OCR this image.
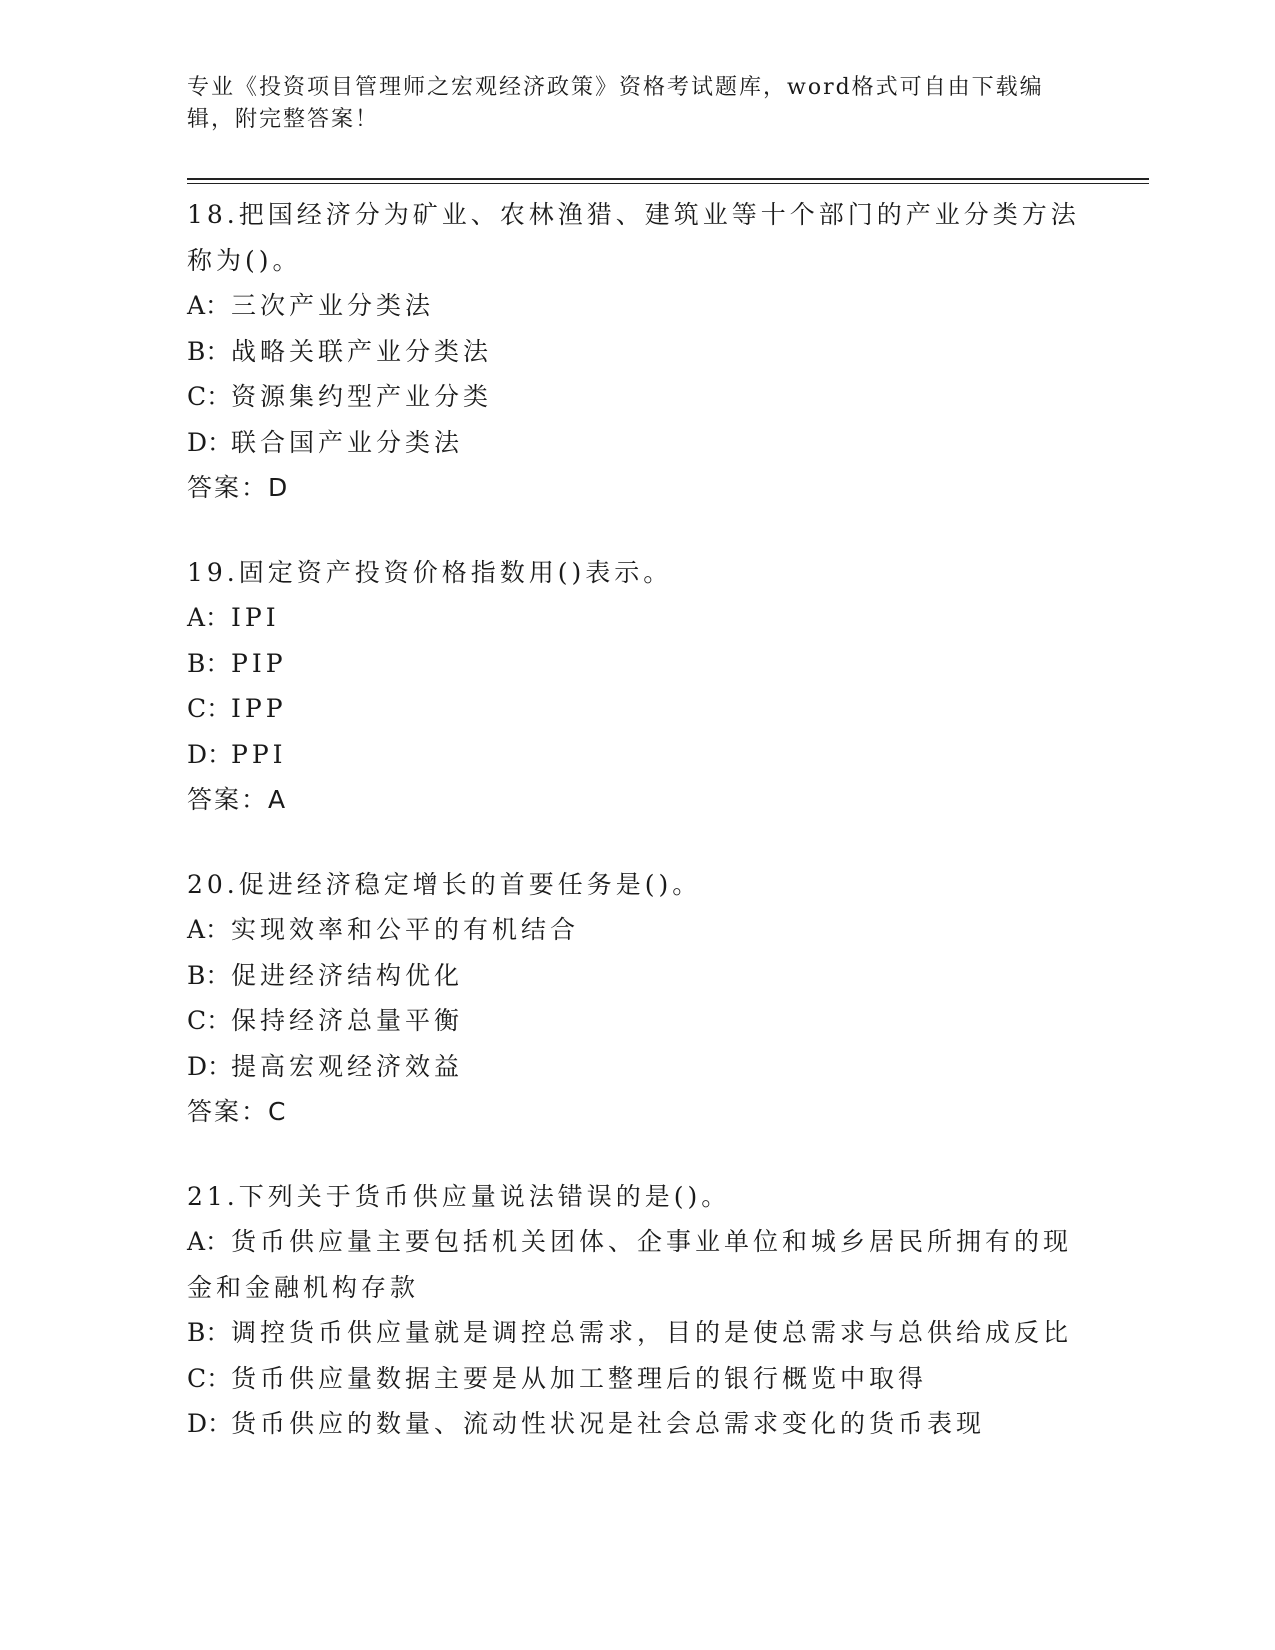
专业《投资项目管理师之宏观经济政策》资格考试题库，word格式可自由下载编辑，附完整答案！

18.把国经济分为矿业、农林渔猎、建筑业等十个部门的产业分类方法称为()。

A：三次产业分类法

B：战略关联产业分类法

C：资源集约型产业分类

D：联合国产业分类法

答案：D

19.固定资产投资价格指数用()表示。

A：IPI

B：PIP

C：IPP

D：PPI

答案：A

20.促进经济稳定增长的首要任务是()。

A：实现效率和公平的有机结合

B：促进经济结构优化

C：保持经济总量平衡

D：提高宏观经济效益

答案：C

21.下列关于货币供应量说法错误的是()。

A：货币供应量主要包括机关团体、企事业单位和城乡居民所拥有的现金和金融机构存款

B：调控货币供应量就是调控总需求，目的是使总需求与总供给成反比

C：货币供应量数据主要是从加工整理后的银行概览中取得

D：货币供应的数量、流动性状况是社会总需求变化的货币表现
